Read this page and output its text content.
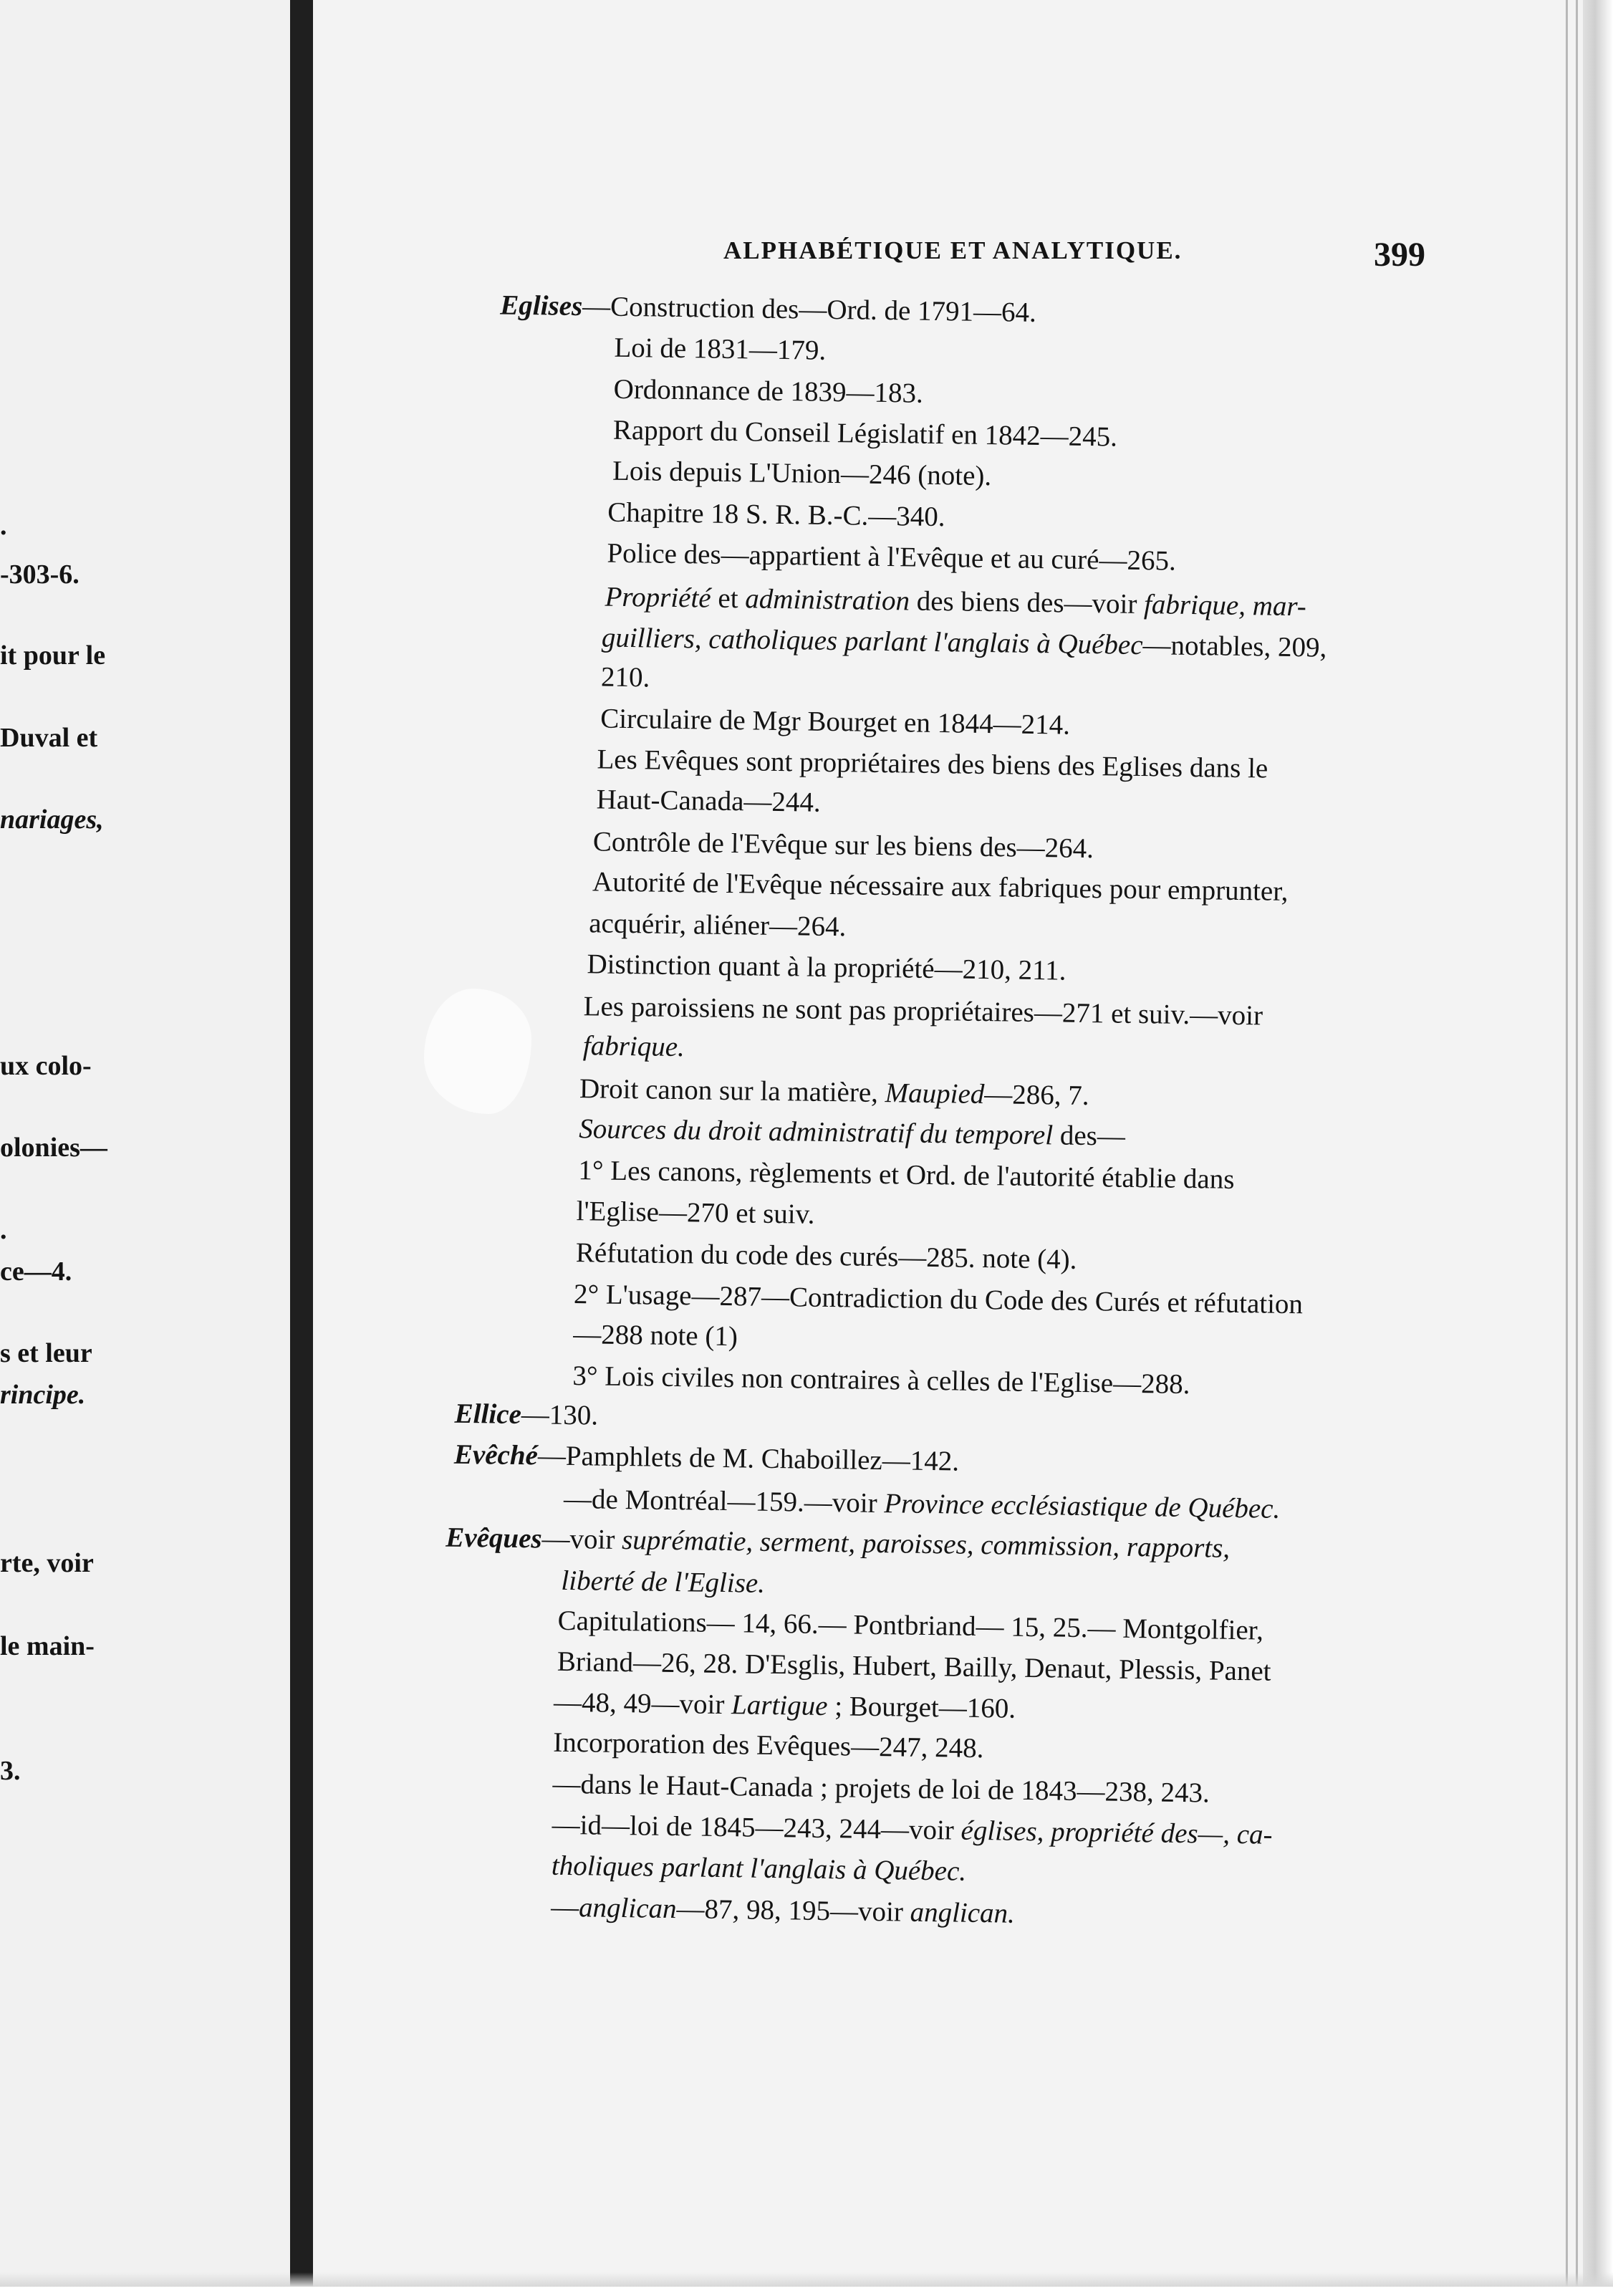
.
-303-6.
it pour le
Duval et
nariages,
ux colo-
olonies—
.
ce—4.
s et leur
rincipe.
rte, voir
le main-
3.
ALPHABÉTIQUE ET ANALYTIQUE.	399
Eglises—Construction des—Ord. de 1791—64.
Loi de 1831—179.
Ordonnance de 1839—183.
Rapport du Conseil Législatif en 1842—245.
Lois depuis L'Union—246 (note).
Chapitre 18 S. R. B.-C.—340.
Police des—appartient à l'Evêque et au curé—265.
Propriété et administration des biens des—voir fabrique, mar-
guilliers, catholiques parlant l'anglais à Québec—notables, 209,
210.
Circulaire de Mgr Bourget en 1844—214.
Les Evêques sont propriétaires des biens des Eglises dans le
Haut-Canada—244.
Contrôle de l'Evêque sur les biens des—264.
Autorité de l'Evêque nécessaire aux fabriques pour emprunter,
acquérir, aliéner—264.
Distinction quant à la propriété—210, 211.
Les paroissiens ne sont pas propriétaires—271 et suiv.—voir
fabrique.
Droit canon sur la matière, Maupied—286, 7.
Sources du droit administratif du temporel des—
1° Les canons, règlements et Ord. de l'autorité établie dans
l'Eglise—270 et suiv.
Réfutation du code des curés—285. note (4).
2° L'usage—287—Contradiction du Code des Curés et réfutation
—288 note (1)
3° Lois civiles non contraires à celles de l'Eglise—288.
Ellice—130.
Evêché—Pamphlets de M. Chaboillez—142.
—de Montréal—159.—voir Province ecclésiastique de Québec.
Evêques—voir suprématie, serment, paroisses, commission, rapports,
liberté de l'Eglise.
Capitulations— 14, 66.— Pontbriand— 15, 25.— Montgolfier,
Briand—26, 28. D'Esglis, Hubert, Bailly, Denaut, Plessis, Panet
—48, 49—voir Lartigue ; Bourget—160.
Incorporation des Evêques—247, 248.
—dans le Haut-Canada ; projets de loi de 1843—238, 243.
—id—loi de 1845—243, 244—voir églises, propriété des—, ca-
tholiques parlant l'anglais à Québec.
—anglican—87, 98, 195—voir anglican.
